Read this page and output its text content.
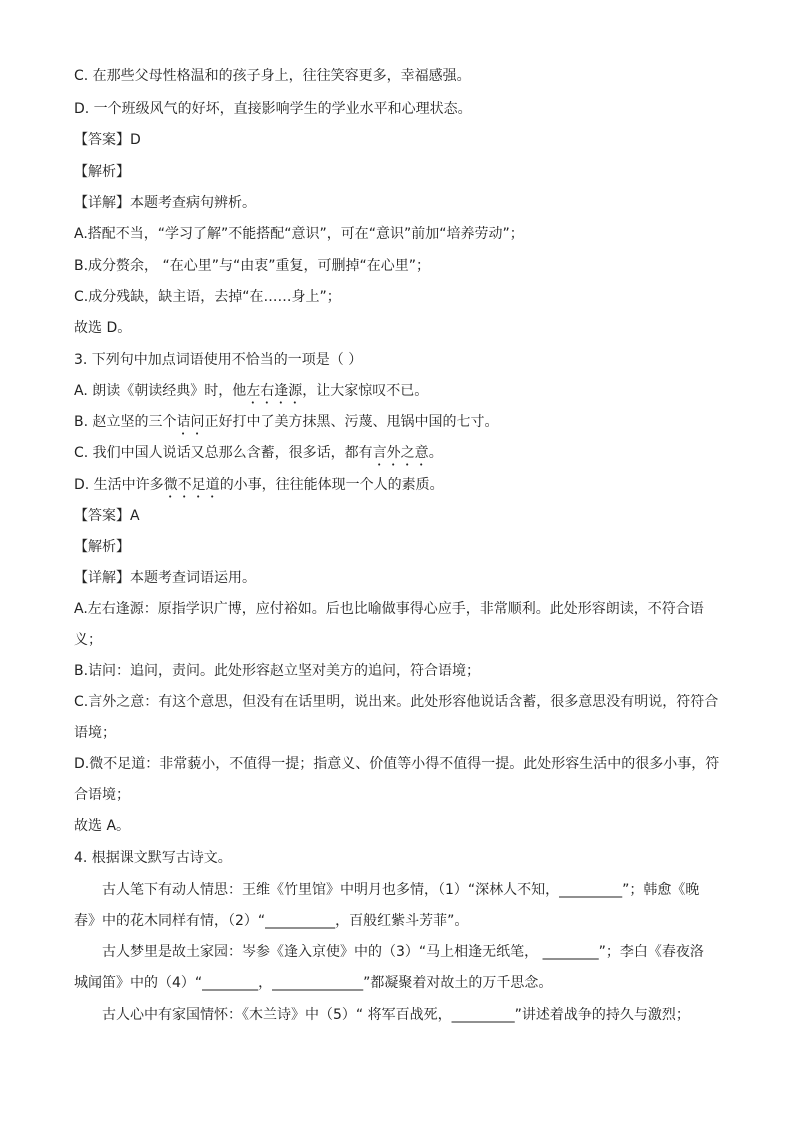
C. 在那些父母性格温和的孩子身上，往往笑容更多，幸福感强。
D. 一个班级风气的好坏，直接影响学生的学业水平和心理状态。
【答案】D
【解析】
【详解】本题考查病句辨析。
A.搭配不当，“学习了解”不能搭配“意识”，可在“意识”前加“培养劳动”；
B.成分赘余， “在心里”与“由衷”重复，可删掉“在心里”；
C.成分残缺，缺主语，去掉“在……身上”；
故选 D。
3. 下列句中加点词语使用不恰当的一项是（ ）
A. 朗读《朝读经典》时，他左右逢源，让大家惊叹不已。
B. 赵立坚的三个诘问正好打中了美方抹黑、污蔑、甩锅中国的七寸。
C. 我们中国人说话又总那么含蓄，很多话，都有言外之意。
D. 生活中许多微不足道的小事，往往能体现一个人的素质。
【答案】A
【解析】
【详解】本题考查词语运用。
A.左右逢源：原指学识广博，应付裕如。后也比喻做事得心应手，非常顺利。此处形容朗读，不符合语
义；
B.诘问：追问，责问。此处形容赵立坚对美方的追问，符合语境；
C.言外之意：有这个意思，但没有在话里明，说出来。此处形容他说话含蓄，很多意思没有明说，符符合
语境；
D.微不足道：非常藐小，不值得一提；指意义、价值等小得不值得一提。此处形容生活中的很多小事，符
合语境；
故选 A。
4. 根据课文默写古诗文。
古人笔下有动人情思：王维《竹里馆》中明月也多情，（1）“深林人不知，_________”；韩愈《晚
春》中的花木同样有情，（2）“__________，百般红紫斗芳菲”。
古人梦里是故土家园：岑参《逢入京使》中的（3）“马上相逢无纸笔， ________”；李白《春夜洛
城闻笛》中的（4）“________，_____________”都凝聚着对故土的万千思念。
古人心中有家国情怀：《木兰诗》中（5）“ 将军百战死，_________”讲述着战争的持久与激烈；
